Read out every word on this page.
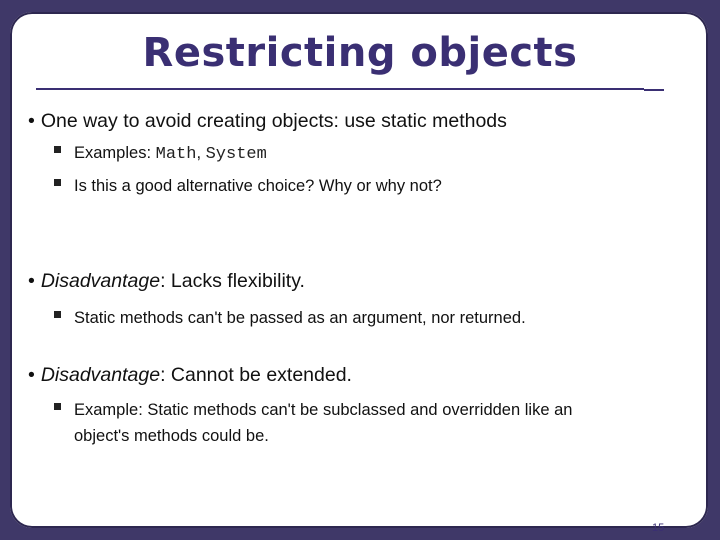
Restricting objects
• One way to avoid creating objects: use static methods
Examples: Math, System
Is this a good alternative choice? Why or why not?
• Disadvantage: Lacks flexibility.
Static methods can't be passed as an argument, nor returned.
• Disadvantage: Cannot be extended.
Example: Static methods can't be subclassed and overridden like an
object's methods could be.
15
